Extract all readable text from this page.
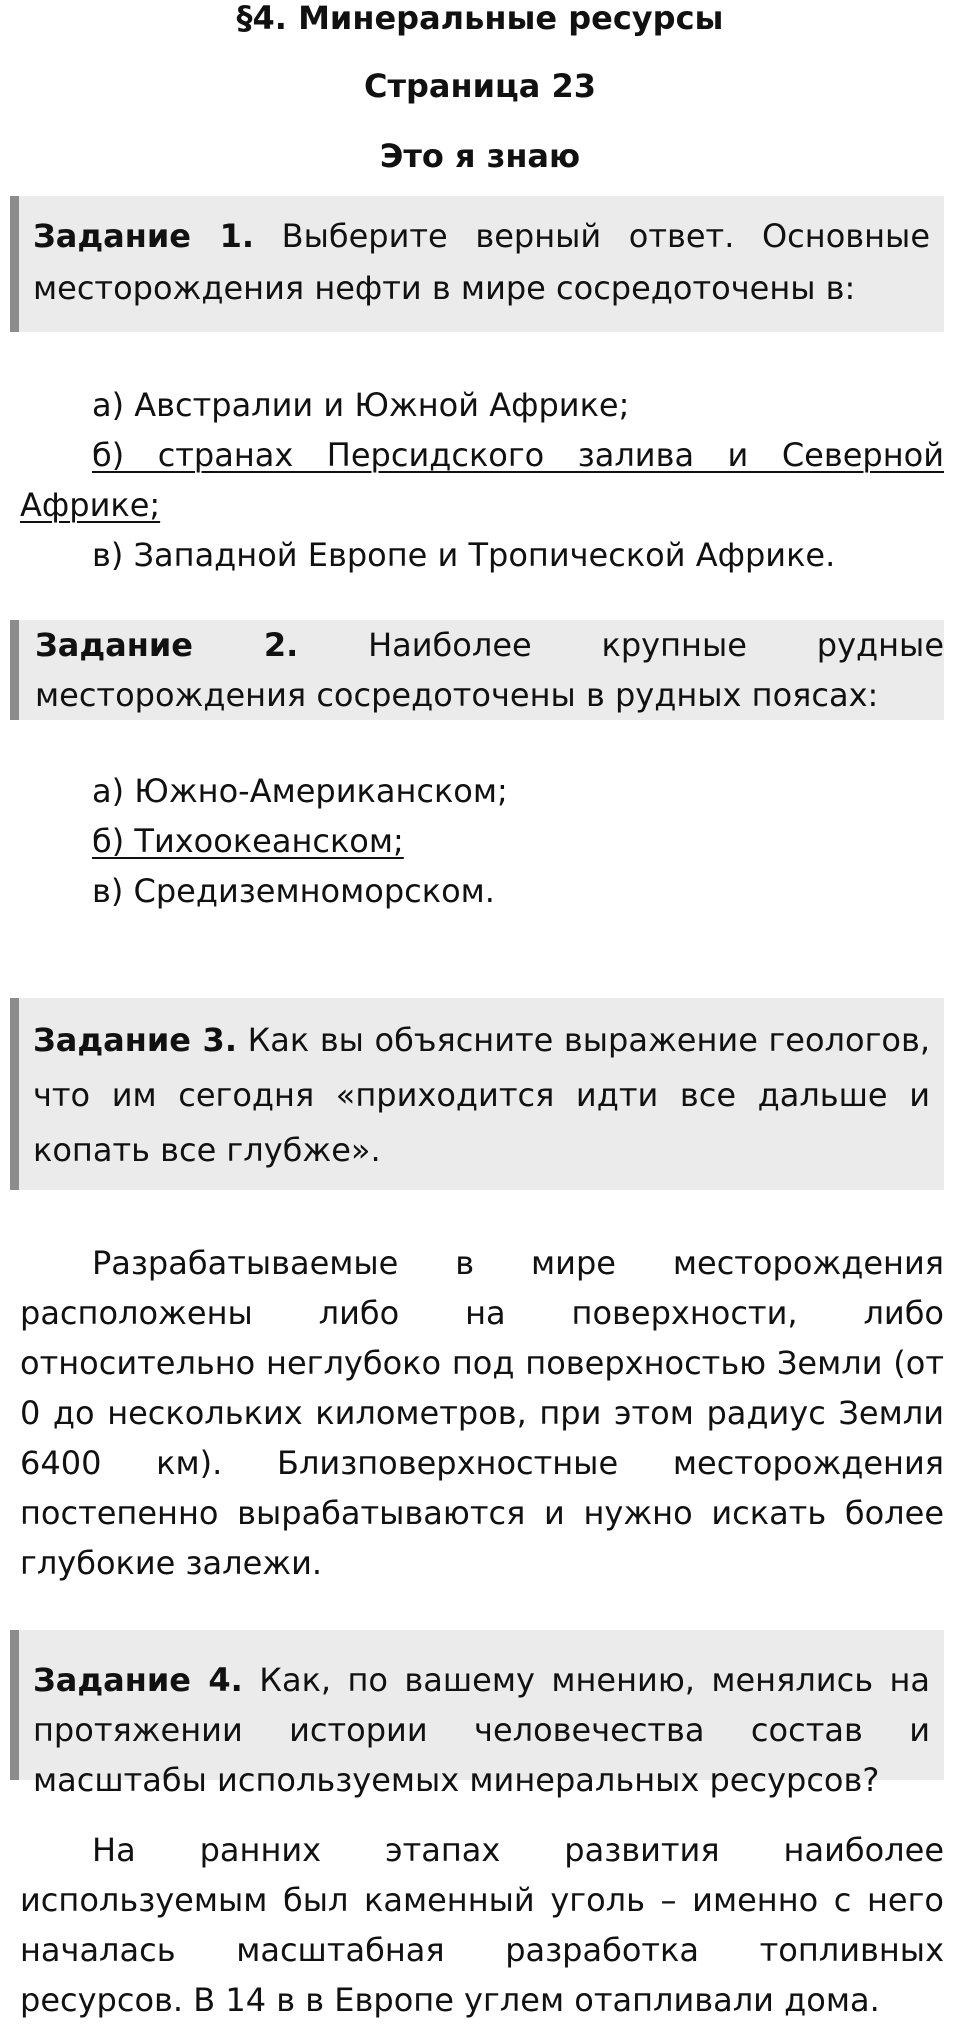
§4. Минеральные ресурсы
Страница 23
Это я знаю

Задание 1. Выберите верный ответ. Основные месторождения нефти в мире сосредоточены в:

а) Австралии и Южной Африке;

б) странах Персидского залива и Северной Африке;

в) Западной Европе и Тропической Африке.

Задание 2. Наиболее крупные рудные месторождения сосредоточены в рудных поясах:

а) Южно-Американском;

б) Тихоокеанском;

в) Средиземноморском.

Задание 3. Как вы объясните выражение геологов, что им сегодня «приходится идти все дальше и копать все глубже».

Разрабатываемые в мире месторождения расположены либо на поверхности, либо относительно неглубоко под поверхностью Земли (от 0 до нескольких километров, при этом радиус Земли 6400 км). Близповерхностные месторождения постепенно вырабатываются и нужно искать более глубокие залежи.

Задание 4. Как, по вашему мнению, менялись на протяжении истории человечества состав и масштабы используемых минеральных ресурсов?

На ранних этапах развития наиболее используемым был каменный уголь – именно с него началась масштабная разработка топливных ресурсов. В 14 в в Европе углем отапливали дома.
